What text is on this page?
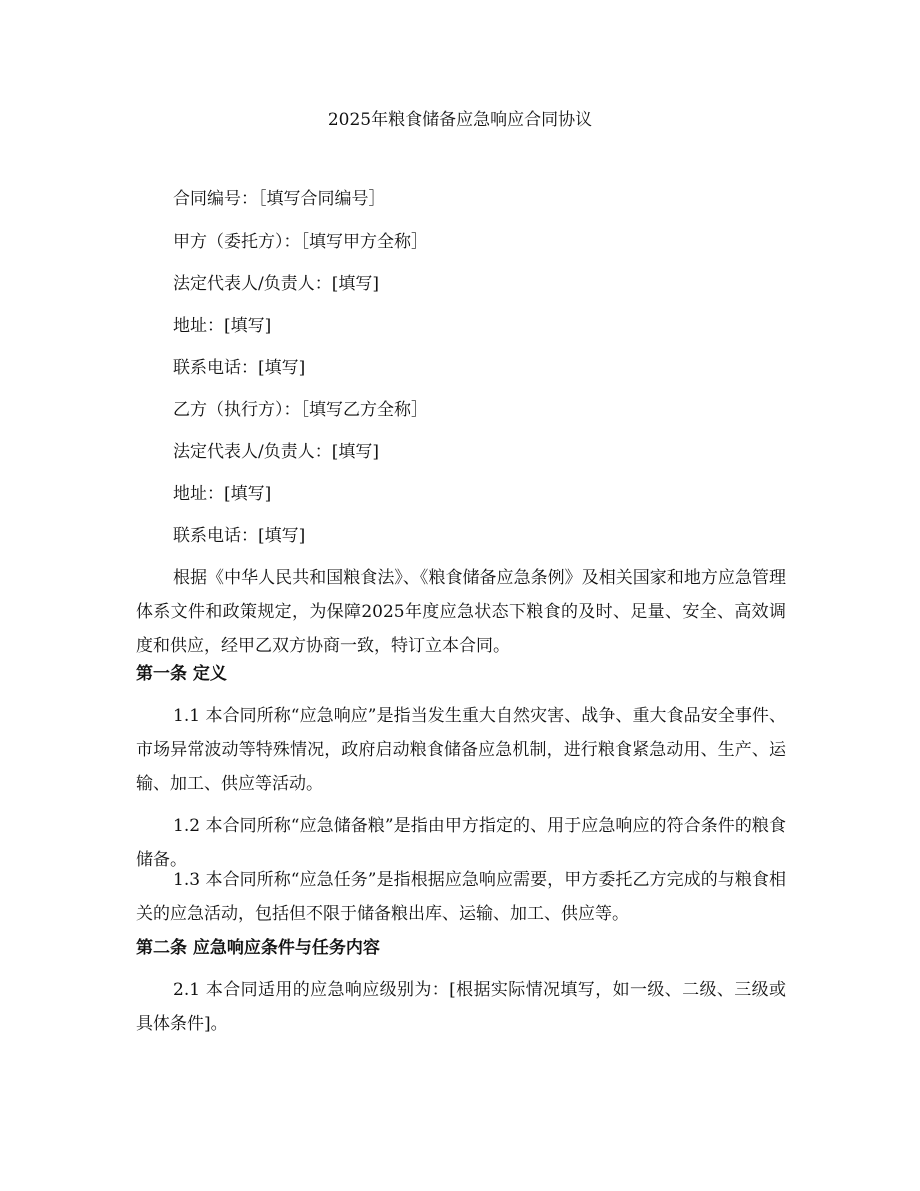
2025年粮食储备应急响应合同协议

合同编号：［填写合同编号］

甲方（委托方）：［填写甲方全称］

法定代表人/负责人：[填写]

地址：[填写]

联系电话：[填写]

乙方（执行方）：［填写乙方全称］

法定代表人/负责人：[填写]

地址：[填写]

联系电话：[填写]

根据《中华人民共和国粮食法》、《粮食储备应急条例》及相关国家和地方应急管理体系文件和政策规定，为保障2025年度应急状态下粮食的及时、足量、安全、高效调度和供应，经甲乙双方协商一致，特订立本合同。

第一条 定义

1.1 本合同所称“应急响应”是指当发生重大自然灾害、战争、重大食品安全事件、市场异常波动等特殊情况，政府启动粮食储备应急机制，进行粮食紧急动用、生产、运输、加工、供应等活动。

1.2 本合同所称“应急储备粮”是指由甲方指定的、用于应急响应的符合条件的粮食储备。

1.3 本合同所称“应急任务”是指根据应急响应需要，甲方委托乙方完成的与粮食相关的应急活动，包括但不限于储备粮出库、运输、加工、供应等。

第二条 应急响应条件与任务内容

2.1 本合同适用的应急响应级别为：[根据实际情况填写，如一级、二级、三级或具体条件]。
